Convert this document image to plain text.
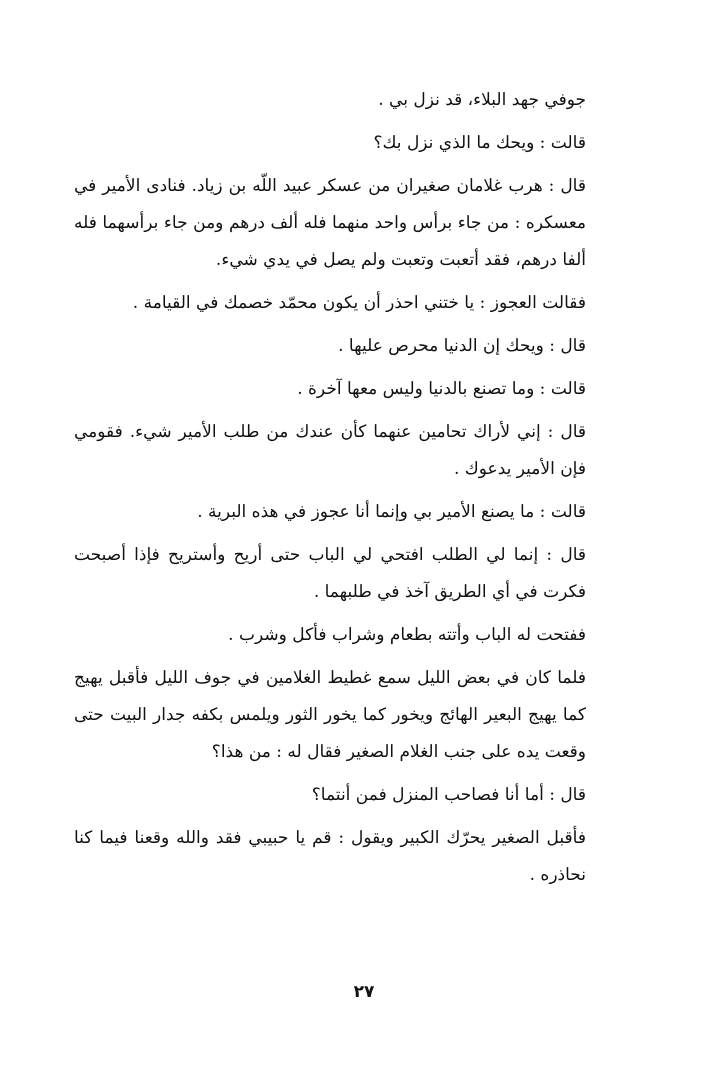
جوفي جهد البلاء، قد نزل بي .

قالت : ويحك ما الذي نزل بك؟

قال : هرب غلامان صغيران من عسكر عبيد اللّه بن زياد. فنادى الأمير في معسكره : من جاء برأس واحد منهما فله ألف درهم ومن جاء برأسهما فله ألفا درهم، فقد أتعبت وتعبت ولم يصل في يدي شيء.

فقالت العجوز : يا ختني احذر أن يكون محمّد خصمك في القيامة .

قال : ويحك إن الدنيا محرص عليها .

قالت : وما تصنع بالدنيا وليس معها آخرة .

قال : إني لأراك تحامين عنهما كأن عندك من طلب الأمير شيء. فقومي فإن الأمير يدعوك .

قالت : ما يصنع الأمير بي وإنما أنا عجوز في هذه البرية .

قال : إنما لي الطلب افتحي لي الباب حتى أريح وأستريح فإذا أصبحت فكرت في أي الطريق آخذ في طلبهما .

ففتحت له الباب وأتته بطعام وشراب فأكل وشرب .

فلما كان في بعض الليل سمع غطيط الغلامين في جوف الليل فأقبل يهيج كما يهيج البعير الهائج ويخور كما يخور الثور ويلمس بكفه جدار البيت حتى وقعت يده على جنب الغلام الصغير فقال له : من هذا؟

قال : أما أنا فصاحب المنزل فمن أنتما؟

فأقبل الصغير يحرّك الكبير ويقول : قم يا حبيبي فقد والله وقعنا فيما كنا نحاذره .

٢٧
